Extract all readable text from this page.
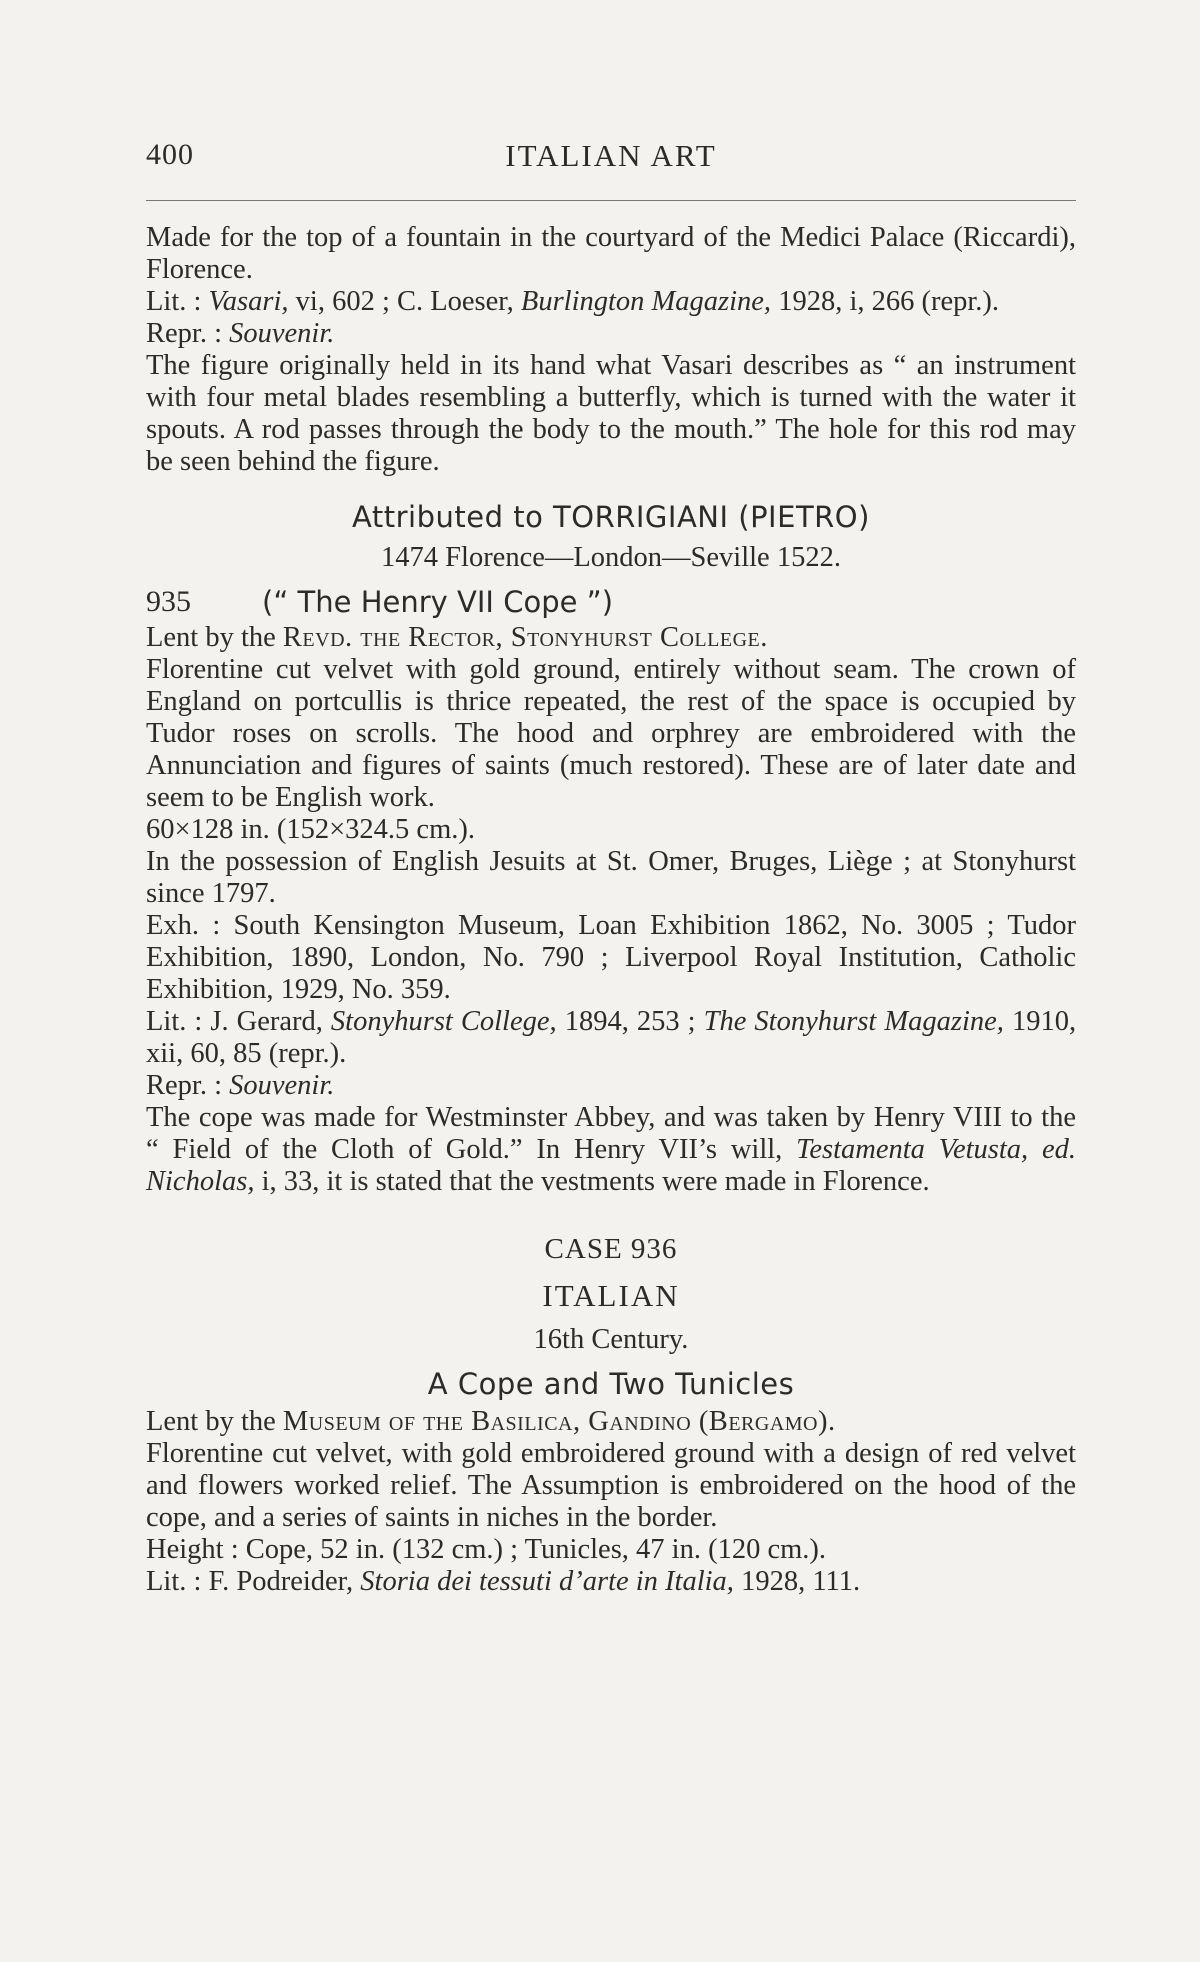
400	ITALIAN ART

Made for the top of a fountain in the courtyard of the Medici Palace (Riccardi), Florence.

Lit. : Vasari, vi, 602 ; C. Loeser, Burlington Magazine, 1928, i, 266 (repr.).

Repr. : Souvenir.

The figure originally held in its hand what Vasari describes as “ an instrument with four metal blades resembling a butterfly, which is turned with the water it spouts. A rod passes through the body to the mouth.” The hole for this rod may be seen behind the figure.

Attributed to TORRIGIANI (PIETRO)
1474 Florence—London—Seville 1522.
935 (“ The Henry VII Cope ”)

Lent by the Revd. the Rector, Stonyhurst College.

Florentine cut velvet with gold ground, entirely without seam. The crown of England on portcullis is thrice repeated, the rest of the space is occupied by Tudor roses on scrolls. The hood and orphrey are embroidered with the Annunciation and figures of saints (much restored). These are of later date and seem to be English work.

60×128 in. (152×324.5 cm.).

In the possession of English Jesuits at St. Omer, Bruges, Liège ; at Stonyhurst since 1797.

Exh. : South Kensington Museum, Loan Exhibition 1862, No. 3005 ; Tudor Exhibition, 1890, London, No. 790 ; Liverpool Royal Institution, Catholic Exhibition, 1929, No. 359.

Lit. : J. Gerard, Stonyhurst College, 1894, 253 ; The Stonyhurst Magazine, 1910, xii, 60, 85 (repr.).

Repr. : Souvenir.

The cope was made for Westminster Abbey, and was taken by Henry VIII to the “ Field of the Cloth of Gold.” In Henry VII’s will, Testamenta Vetusta, ed. Nicholas, i, 33, it is stated that the vestments were made in Florence.

CASE 936
ITALIAN
16th Century.
A Cope and Two Tunicles

Lent by the Museum of the Basilica, Gandino (Bergamo).

Florentine cut velvet, with gold embroidered ground with a design of red velvet and flowers worked relief. The Assumption is embroidered on the hood of the cope, and a series of saints in niches in the border.

Height : Cope, 52 in. (132 cm.) ; Tunicles, 47 in. (120 cm.).

Lit. : F. Podreider, Storia dei tessuti d’arte in Italia, 1928, 111.
